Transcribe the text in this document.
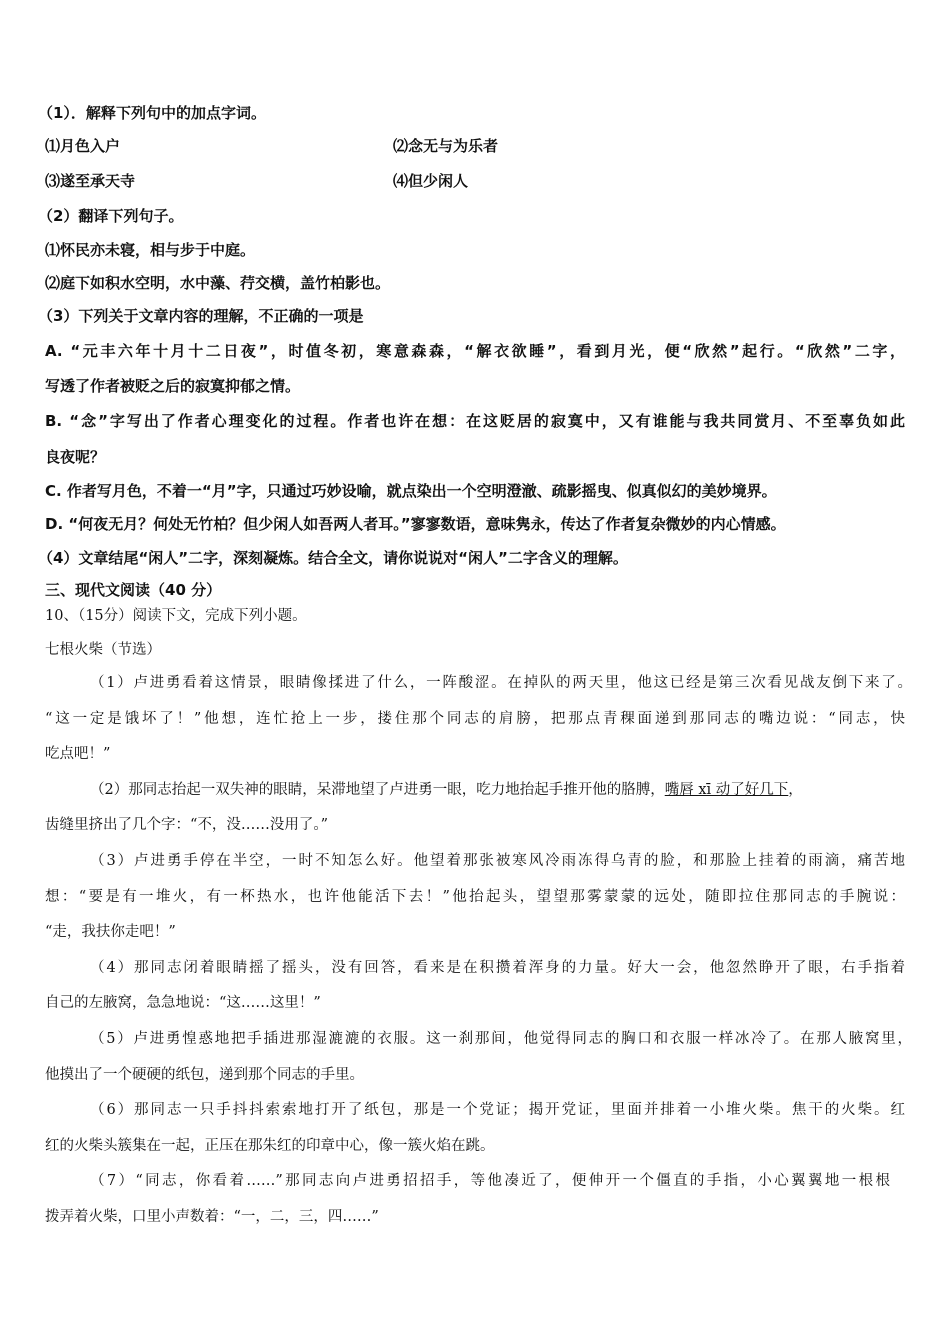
（1）．解释下列句中的加点字词。
⑴月色入户	⑵念无与为乐者
⑶遂至承天寺	⑷但少闲人
（2）翻译下列句子。
⑴怀民亦未寝，相与步于中庭。
⑵庭下如积水空明，水中藻、荇交横，盖竹柏影也。
（3）下列关于文章内容的理解，不正确的一项是
A. “元丰六年十月十二日夜”，时值冬初，寒意森森，“解衣欲睡”，看到月光，便“欣然”起行。“欣然”二字，
写透了作者被贬之后的寂寞抑郁之情。
B. “念”字写出了作者心理变化的过程。作者也许在想：在这贬居的寂寞中，又有谁能与我共同赏月、不至辜负如此
良夜呢？
C. 作者写月色，不着一“月”字，只通过巧妙设喻，就点染出一个空明澄澈、疏影摇曳、似真似幻的美妙境界。
D. “何夜无月？何处无竹柏？但少闲人如吾两人者耳。”寥寥数语，意味隽永，传达了作者复杂微妙的内心情感。
（4）文章结尾“闲人”二字，深刻凝炼。结合全文，请你说说对“闲人”二字含义的理解。
三、现代文阅读（40 分）
10、（15分）阅读下文，完成下列小题。
七根火柴（节选）
（1）卢进勇看着这情景，眼睛像揉进了什么，一阵酸涩。在掉队的两天里，他这已经是第三次看见战友倒下来了。
“这一定是饿坏了！”他想，连忙抢上一步，搂住那个同志的肩膀，把那点青稞面递到那同志的嘴边说：“同志，快
吃点吧！”
（2）那同志抬起一双失神的眼睛，呆滞地望了卢进勇一眼，吃力地抬起手推开他的胳膊，嘴唇 xī 动了好几下，
齿缝里挤出了几个字：“不，没……没用了。”
（3）卢进勇手停在半空，一时不知怎么好。他望着那张被寒风冷雨冻得乌青的脸，和那脸上挂着的雨滴，痛苦地
想：“要是有一堆火，有一杯热水，也许他能活下去！”他抬起头，望望那雾蒙蒙的远处，随即拉住那同志的手腕说：
“走，我扶你走吧！”
（4）那同志闭着眼睛摇了摇头，没有回答，看来是在积攒着浑身的力量。好大一会，他忽然睁开了眼，右手指着
自己的左腋窝，急急地说：“这……这里！”
（5）卢进勇惶惑地把手插进那湿漉漉的衣服。这一刹那间，他觉得同志的胸口和衣服一样冰冷了。在那人腋窝里，
他摸出了一个硬硬的纸包，递到那个同志的手里。
（6）那同志一只手抖抖索索地打开了纸包，那是一个党证；揭开党证，里面并排着一小堆火柴。焦干的火柴。红
红的火柴头簇集在一起，正压在那朱红的印章中心，像一簇火焰在跳。
（7）“同志，你看着……”那同志向卢进勇招招手，等他凑近了，便伸开一个僵直的手指，小心翼翼地一根根
拨弄着火柴，口里小声数着：“一，二，三，四……”
